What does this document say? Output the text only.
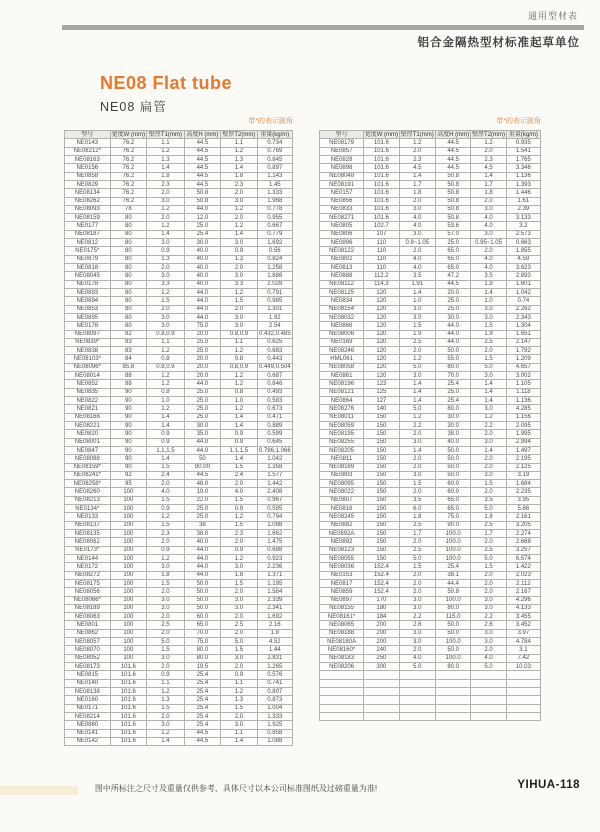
通用型材表
铝合金隔热型材标准起草单位
NE08 Flat tube
NE08 扁管
带*的表示圆角	带*的表示圆角
型号	宽度W (mm)	壁厚T1(mm)	高度H (mm)	壁厚T2(mm)	重量(kg/m)
NE0143	76.2	1.1	44.5	1.1	0.734
NE08212*	76.2	1.2	44.5	1.2	0.769
NE08163	76.2	1.3	44.5	1.3	0.845
NE0156	76.2	1.4	44.5	1.4	0.897
NE0858	76.2	1.8	44.5	1.8	1.143
NE0829	76.2	2.3	44.5	2.3	1.45
NE08134	76.2	2.0	50.8	2.0	1.333
NE08262	76.2	3.0	50.8	3.0	1.968
NE08093	78	1.2	44.0	1.2	0.778
NE08159	80	2.0	12.0	2.0	0.955
NE0177	80	1.2	25.0	1.2	0.667
NE08187	80	1.4	25.4	1.4	0.779
NE0812	80	3.0	30.0	3.0	1.692
NE0175*	80	0.9	40.0	0.9	0.56
NE0879	80	1.3	40.0	1.3	0.824
NE0818	80	2.0	40.0	2.0	1.258
NE08045	80	3.0	40.0	3.0	1.886
NE0178	80	3.3	40.0	3.3	2.028
NE0893	80	1.2	44.0	1.2	0.791
NE0894	80	1.5	44.0	1.5	0.985
NE0853	80	2.0	44.0	2.0	1.301
NE0895	80	3.0	44.0	3.0	1.92
NE0176	80	3.0	75.0	3.0	2.54
NE08097	82	0.8,0.9	20.0	0.8,0.9	0.432,0.485
NE0839*	83	1.1	25.0	1.1	0.625
NE0838	83	1.2	25.0	1.2	0.683
NE08103*	84	0.8	20.0	0.8	0.443
NE08096*	85.8	0.8,0.9	20.0	0.8,0.9	0.449,0.504
NE08014	88	1.2	20.0	1.2	0.687
NE0852	88	1.2	44.0	1.2	0.846
NE0835	90	0.8	25.0	0.8	0.493
NE0822	90	1.0	25.0	1.0	0.583
NE0821	90	1.2	25.0	1.2	0.673
NE08166	90	1.4	25.0	1.4	0.471
NE08221	90	1.4	30.0	1.4	0.889
NE0820	90	0.9	35.0	0.9	0.599
NE08001	90	0.9	44.0	0.9	0.645
NE0847	90	1.1,1.5	44.0	1.1,1.5	0.786,1.066
NE08088	90	1.4	50	1.4	1.042
NE08159*	90	1.5	80.00	1.5	1.358
NE08241*	92	2.4	44.5	2.4	1.577
NE08258*	95	2.0	48.0	2.0	1.442
NE08260	100	4.0	19.0	4.0	2.408
NE08213	100	1.5	22.0	1.5	0.967
NE0134*	100	0.9	25.0	0.9	0.595
NE0133	100	1.2	25.0	1.2	0.794
NE08137	100	1.5	38	1.5	1.098
NE08135	100	2.3	38.0	2.3	1.662
NE08062	100	2.0	40.0	2.0	1.475
NE0173*	100	0.9	44.0	0.9	0.688
NE0144	100	1.2	44.0	1.2	0.923
NE0172	100	3.0	44.0	3.0	2.236
NE08272	100	1.8	44.0	1.8	1.371
NE08175	100	1.5	50.0	1.5	1.195
NE08056	100	2.0	50.0	2.0	1.584
NE08066*	100	3.0	50.0	3.0	2.339
NE08189	100	3.0	50.0	3.0	2.341
NE08063	100	2.0	60.0	2.0	1.692
NE0801	100	2.5	65.0	2.5	2.16
NE0862	100	2.0	70.0	2.0	1.8
NE08057	100	5.0	75.0	5.0	4.52
NE08070	100	1.5	80.0	1.5	1.44
NE08052	100	3.0	80.0	3.0	2.831
NE08173	101.6	2.0	19.5	2.0	1.265
NE0815	101.6	0.9	25.4	0.9	0.576
NE0140	101.6	1.1	25.4	1.1	0.741
NE08138	101.6	1.2	25.4	1.2	0.807
NE0160	101.6	1.3	25.4	1.3	0.873
NE0171	101.6	1.5	25.4	1.5	1.004
NE08214	101.6	2.0	25.4	2.0	1.333
NE0860	101.6	3.0	25.4	3.0	1.925
NE0141	101.6	1.2	44.5	1.1	0.858
NE0142	101.6	1.4	44.5	1.4	1.088
型号	宽度W (mm)	壁厚T1(mm)	高度H (mm)	壁厚T2(mm)	重量(kg/m)
NE08179	101.6	1.2	44.5	1.2	0.935
NE0857	101.6	2.0	44.5	2.0	1.541
NE0828	101.6	2.3	44.5	2.3	1.765
NE0898	101.6	4.5	44.5	4.5	3.346
NE08048	101.6	1.4	50.8	1.4	1.136
NE08191	101.6	1.7	50.8	1.7	1.393
NE0157	101.6	1.8	50.8	1.8	1.446
NE0856	101.6	2.0	50.8	2.0	1.61
NE0833	101.6	3.0	50.8	3.0	2.39
NE08271	101.6	4.0	50.8	4.0	3.133
NE0805	102.7	4.0	53.6	4.0	3.2
NE0806	107	3.0	57.0	3.0	2.573
NE0896	110	0.8~1.05	25.0	0.95~1.05	0.663
NE08122	110	2.0	65.0	2.0	1.855
NE0802	110	4.0	65.0	4.0	4.59
NE0813	110	4.0	65.0	4.0	3.623
NE0888	112.2	3.5	47.2	3.5	2.893
NE08112	114.3	1.91	44.5	1.9	1.601
NE08125	120	1.4	20.0	1.4	1.042
NE0834	120	1.0	25.0	1.0	0.74
NE08154	120	3.0	25.0	3.0	2.262
NE08032	120	3.0	30.0	3.0	2.343
NE0866	120	1.5	44.0	1.5	1.304
NE08006	120	1.9	44.0	1.9	1.651
NE0169	120	2.5	44.0	2.5	2.147
NE08246	120	2.0	50.0	2.0	1.792
HML061	120	1.2	55.0	1.5	1.209
NE08058	120	5.0	60.0	5.0	4.657
NE0861	120	3.0	70.0	3.0	3.002
NE08196	123	1.4	25.4	1.4	1.105
NE08121	125	1.4	25.0	1.4	1.118
NE0864	127	1.4	25.4	1.4	1.136
NE08276	140	5.0	80.0	3.0	4.285
NE08011	150	1.2	30.0	1.2	1.156
NE08059	150	2.2	30.0	2.2	2.095
NE08195	150	2.0	38.0	2.0	1.995
NE08255	150	3.0	40.0	3.0	2.994
NE08205	150	1.4	50.0	1.4	1.497
NE0811	150	2.0	50.0	2.0	2.195
NE08169	150	2.0	50.0	2.0	2.125
NE0803	150	3.0	50.0	3.0	3.19
NE08095	150	1.5	60.0	1.5	1.684
NE08022	150	2.0	60.0	2.0	2.235
NE0807	150	3.5	65.0	3.5	3.95
NE0816	150	6.0	65.0	5.0	5.86
NE08245	150	1.8	75.0	1.8	2.161
NE0882	150	2.5	90.0	2.5	3.205
NE0892A	150	1.7	100.0	1.7	2.274
NE0892	150	2.0	100.0	2.0	2.668
NE08123	150	2.5	100.0	2.5	3.257
NE08055	150	5.0	100.0	5.0	6.574
NE08036	152.4	1.5	25.4	1.5	1.422
NE0153	152.4	2.0	38.1	2.0	2.023
NE0817	152.4	2.0	44.4	2.0	2.112
NE0859	152.4	2.0	50.8	2.0	2.167
NE0897	170	3.0	100.0	3.0	4.296
NE08155	180	3.0	80.0	3.0	4.133
NE08161*	184	2.2	115.0	2.2	3.455
NE08065	200	2.6	50.0	2.6	3.452
NE08188	200	3.0	50.0	3.0	3.97
NE08180A	200	3.0	100.0	3.0	4.784
NE08160*	240	2.0	50.0	2.0	3.1
NE08183	250	4.0	100.0	4.0	7.42
NE08206	300	5.0	80.0	5.0	10.03

图中所标注之尺寸及重量仅供参考，具体尺寸以本公司标准图纸及过磅重量为准!	YIHUA-118
